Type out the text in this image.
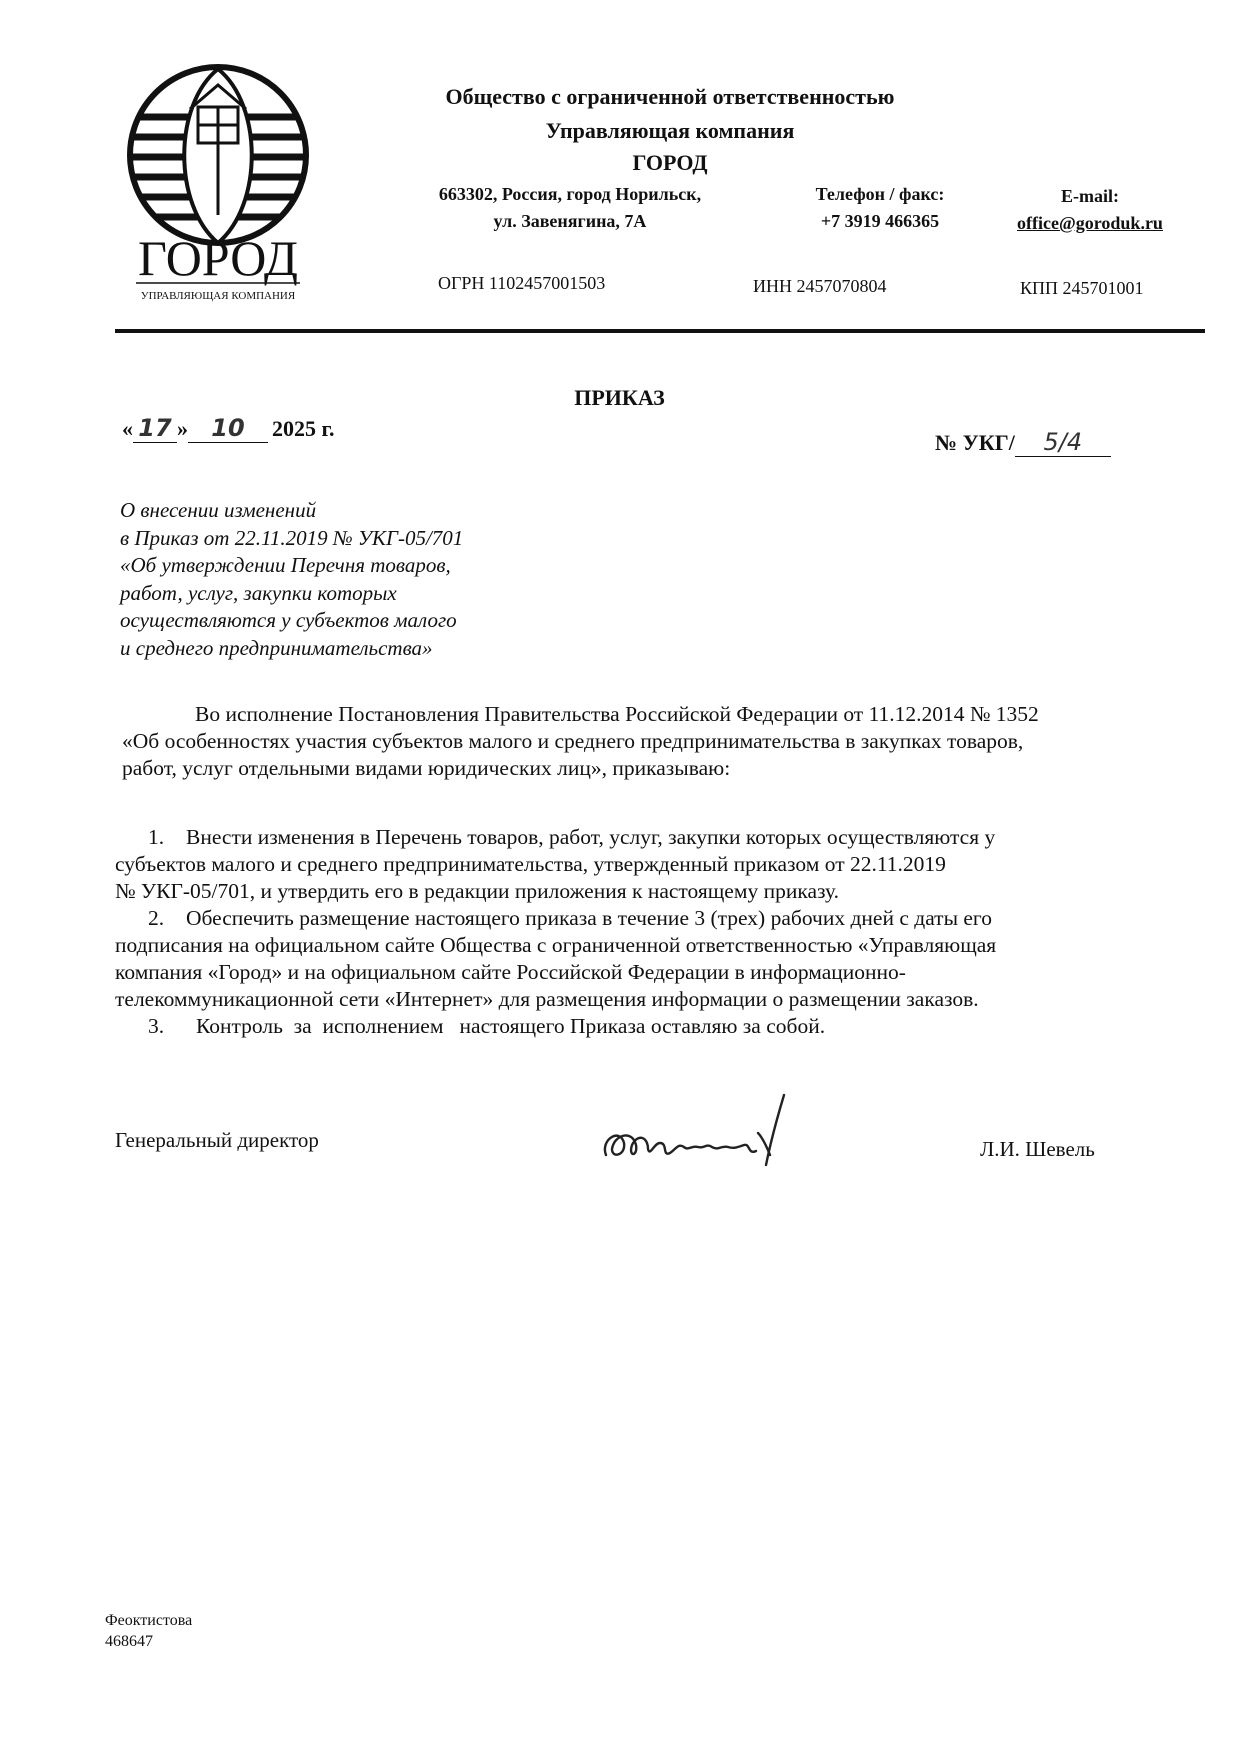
ГОРОД
УПРАВЛЯЮЩАЯ КОМПАНИЯ
Общество с ограниченной ответственностью
Управляющая компания
ГОРОД
663302, Россия, город Норильск,
ул. Завенягина, 7А
Телефон / факс:
+7 3919 466365
E-mail:
office@goroduk.ru
ОГРН 1102457001503	ИНН 2457070804	КПП 245701001
ПРИКАЗ
« 17 » 10 2025 г.
№ УКГ/ 5/4
О внесении изменений
в Приказ от 22.11.2019 № УКГ-05/701
«Об утверждении Перечня товаров,
работ, услуг, закупки которых
осуществляются у субъектов малого
и среднего предпринимательства»
Во исполнение Постановления Правительства Российской Федерации от 11.12.2014 № 1352
«Об особенностях участия субъектов малого и среднего предпринимательства в закупках товаров,
работ, услуг отдельными видами юридических лиц», приказываю:
1. Внести изменения в Перечень товаров, работ, услуг, закупки которых осуществляются у
субъектов малого и среднего предпринимательства, утвержденный приказом от 22.11.2019
№ УКГ-05/701, и утвердить его в редакции приложения к настоящему приказу.
2. Обеспечить размещение настоящего приказа в течение 3 (трех) рабочих дней с даты его
подписания на официальном сайте Общества с ограниченной ответственностью «Управляющая
компания «Город» и на официальном сайте Российской Федерации в информационно-
телекоммуникационной сети «Интернет» для размещения информации о размещении заказов.
3. Контроль  за  исполнением   настоящего Приказа оставляю за собой.
Генеральный директор	Л.И. Шевель
Феоктистова
468647
